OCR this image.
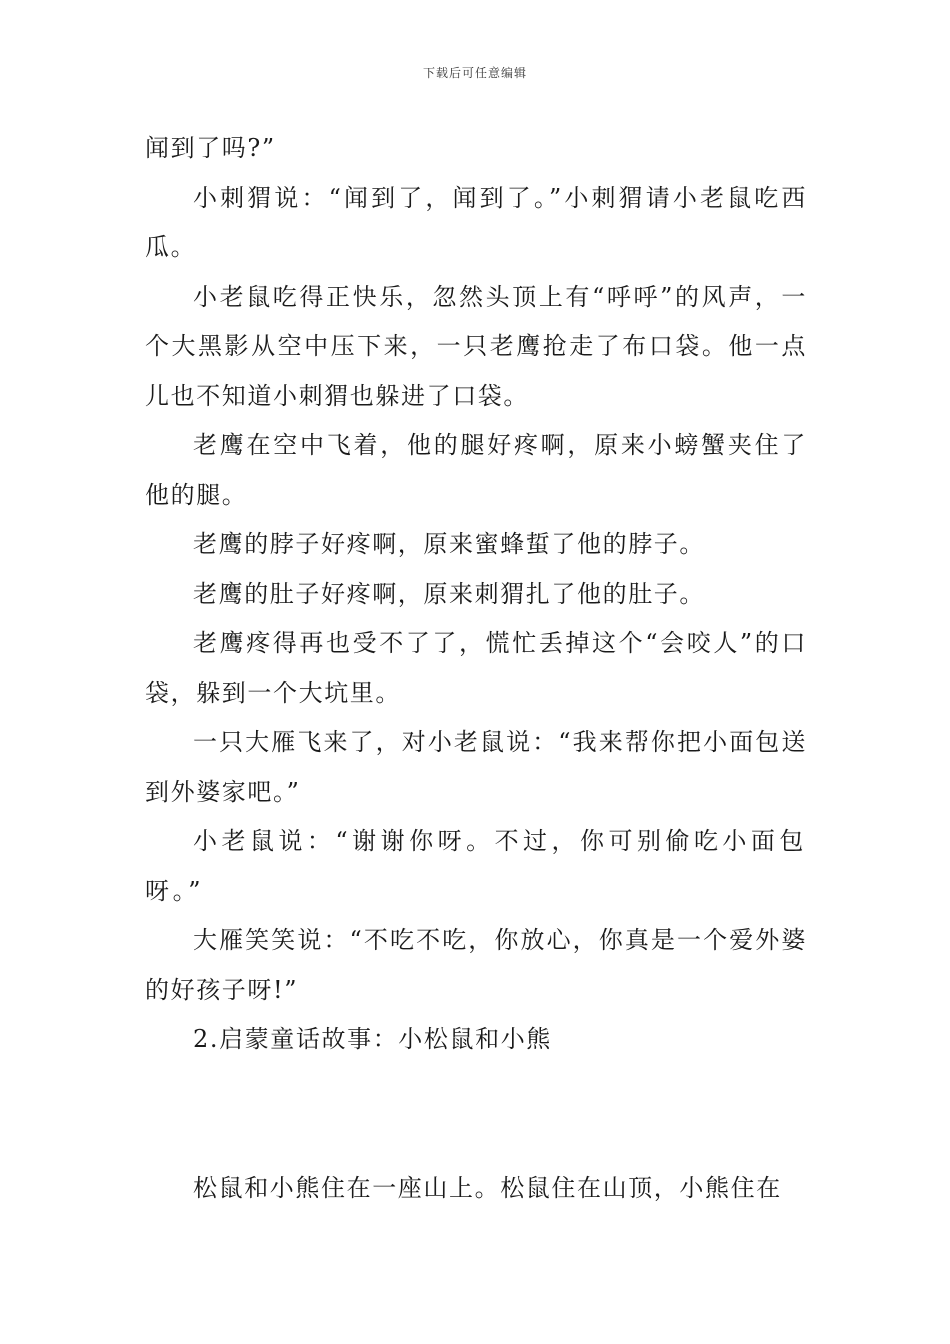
下载后可任意编辑

闻到了吗?”

小刺猬说：“闻到了，闻到了。”小刺猬请小老鼠吃西瓜。

小老鼠吃得正快乐，忽然头顶上有“呼呼”的风声，一个大黑影从空中压下来，一只老鹰抢走了布口袋。他一点儿也不知道小刺猬也躲进了口袋。

老鹰在空中飞着，他的腿好疼啊，原来小螃蟹夹住了他的腿。

老鹰的脖子好疼啊，原来蜜蜂蜇了他的脖子。

老鹰的肚子好疼啊，原来刺猬扎了他的肚子。

老鹰疼得再也受不了了，慌忙丢掉这个“会咬人”的口袋，躲到一个大坑里。

一只大雁飞来了，对小老鼠说：“我来帮你把小面包送到外婆家吧。”

小老鼠说：“谢谢你呀。不过，你可别偷吃小面包呀。”

大雁笑笑说：“不吃不吃，你放心，你真是一个爱外婆的好孩子呀!”

2.启蒙童话故事：小松鼠和小熊

松鼠和小熊住在一座山上。松鼠住在山顶，小熊住在
